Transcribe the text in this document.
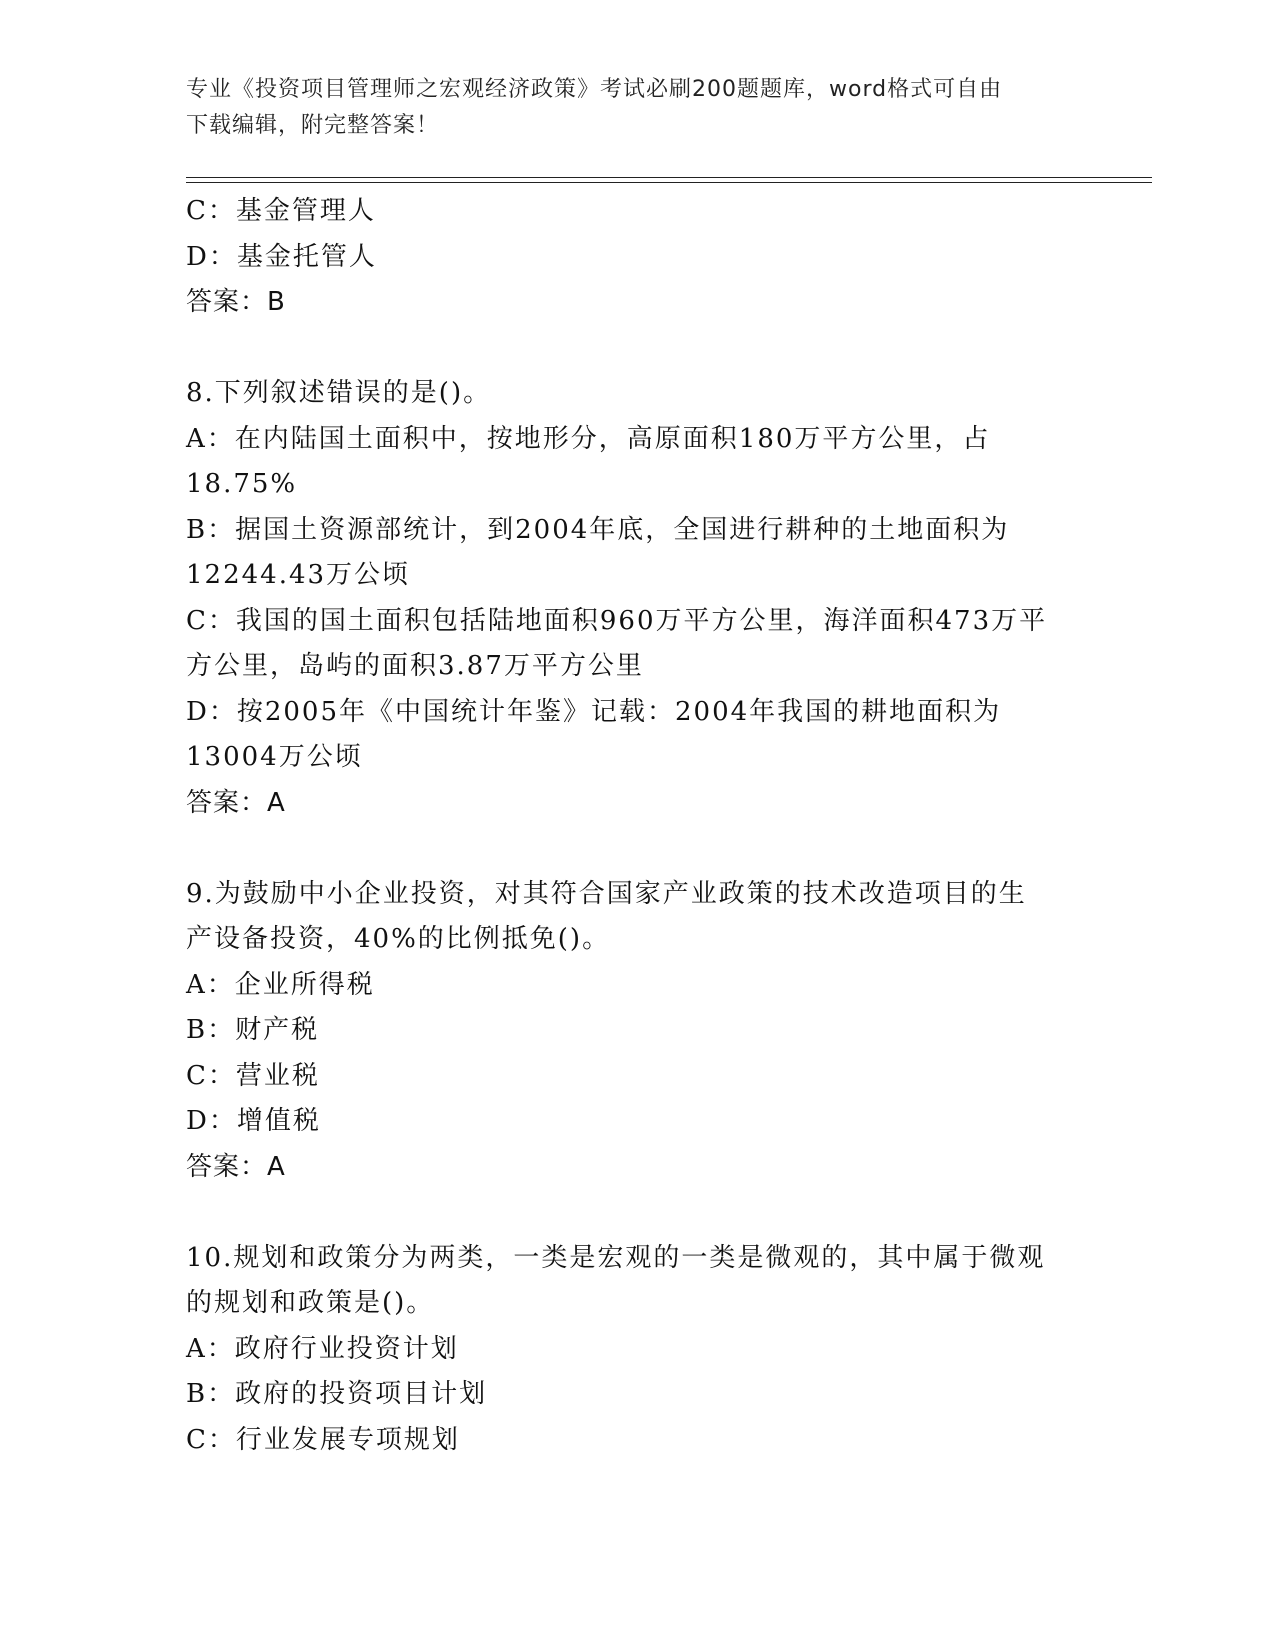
专业《投资项目管理师之宏观经济政策》考试必刷200题题库，word格式可自由
下载编辑，附完整答案！
C：基金管理人
D：基金托管人
答案：B
8.下列叙述错误的是()。
A：在内陆国土面积中，按地形分，高原面积180万平方公里，占
18.75%
B：据国土资源部统计，到2004年底，全国进行耕种的土地面积为
12244.43万公顷
C：我国的国土面积包括陆地面积960万平方公里，海洋面积473万平
方公里，岛屿的面积3.87万平方公里
D：按2005年《中国统计年鉴》记载：2004年我国的耕地面积为
13004万公顷
答案：A
9.为鼓励中小企业投资，对其符合国家产业政策的技术改造项目的生
产设备投资，40%的比例抵免()。
A：企业所得税
B：财产税
C：营业税
D：增值税
答案：A
10.规划和政策分为两类，一类是宏观的一类是微观的，其中属于微观
的规划和政策是()。
A：政府行业投资计划
B：政府的投资项目计划
C：行业发展专项规划
